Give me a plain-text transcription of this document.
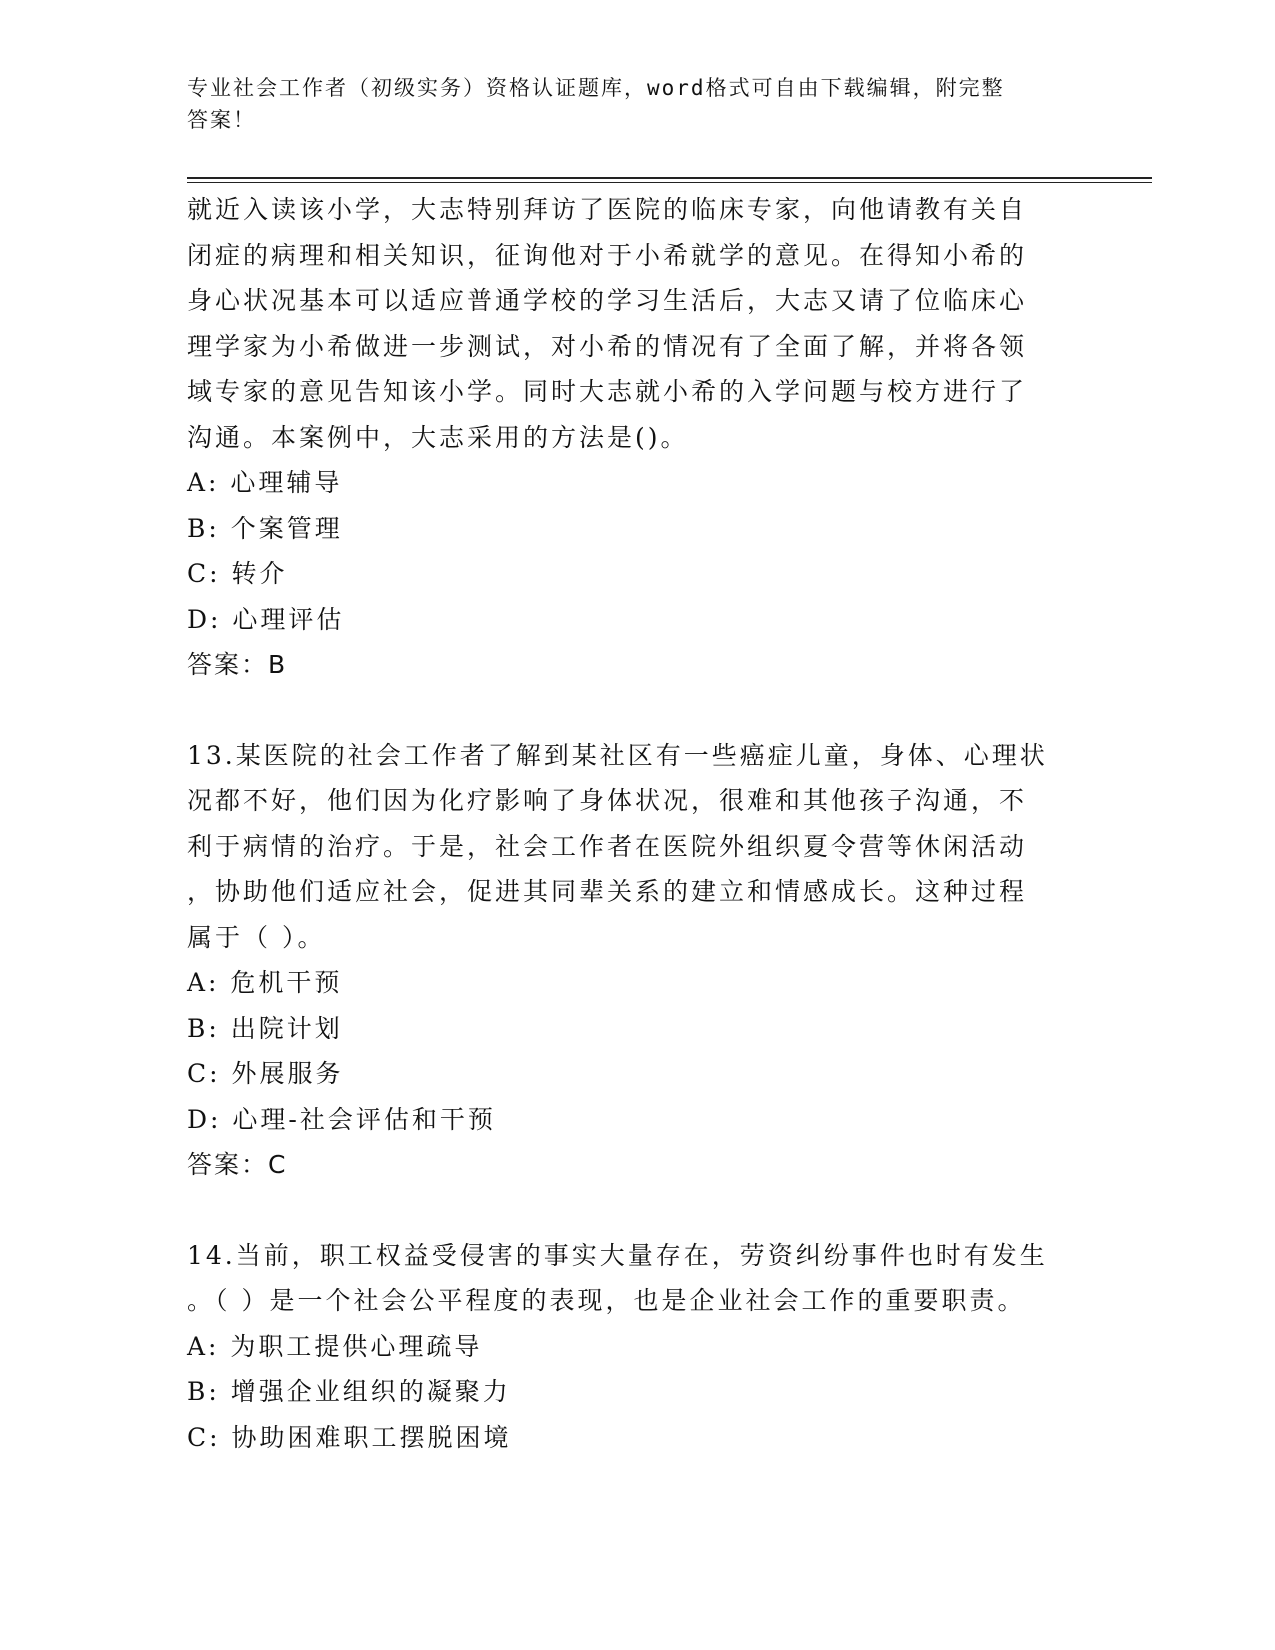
专业社会工作者（初级实务）资格认证题库，word格式可自由下载编辑，附完整
答案！

就近入读该小学，大志特别拜访了医院的临床专家，向他请教有关自

闭症的病理和相关知识，征询他对于小希就学的意见。在得知小希的

身心状况基本可以适应普通学校的学习生活后，大志又请了位临床心

理学家为小希做进一步测试，对小希的情况有了全面了解，并将各领

域专家的意见告知该小学。同时大志就小希的入学问题与校方进行了

沟通。本案例中，大志采用的方法是()。

A: 心理辅导

B: 个案管理

C: 转介

D: 心理评估

答案：B

13.某医院的社会工作者了解到某社区有一些癌症儿童，身体、心理状

况都不好，他们因为化疗影响了身体状况，很难和其他孩子沟通，不

利于病情的治疗。于是，社会工作者在医院外组织夏令营等休闲活动

，协助他们适应社会，促进其同辈关系的建立和情感成长。这种过程

属于（ ）。

A: 危机干预

B: 出院计划

C: 外展服务

D: 心理-社会评估和干预

答案：C

14.当前，职工权益受侵害的事实大量存在，劳资纠纷事件也时有发生

。（ ）是一个社会公平程度的表现，也是企业社会工作的重要职责。

A: 为职工提供心理疏导

B: 增强企业组织的凝聚力

C: 协助困难职工摆脱困境
